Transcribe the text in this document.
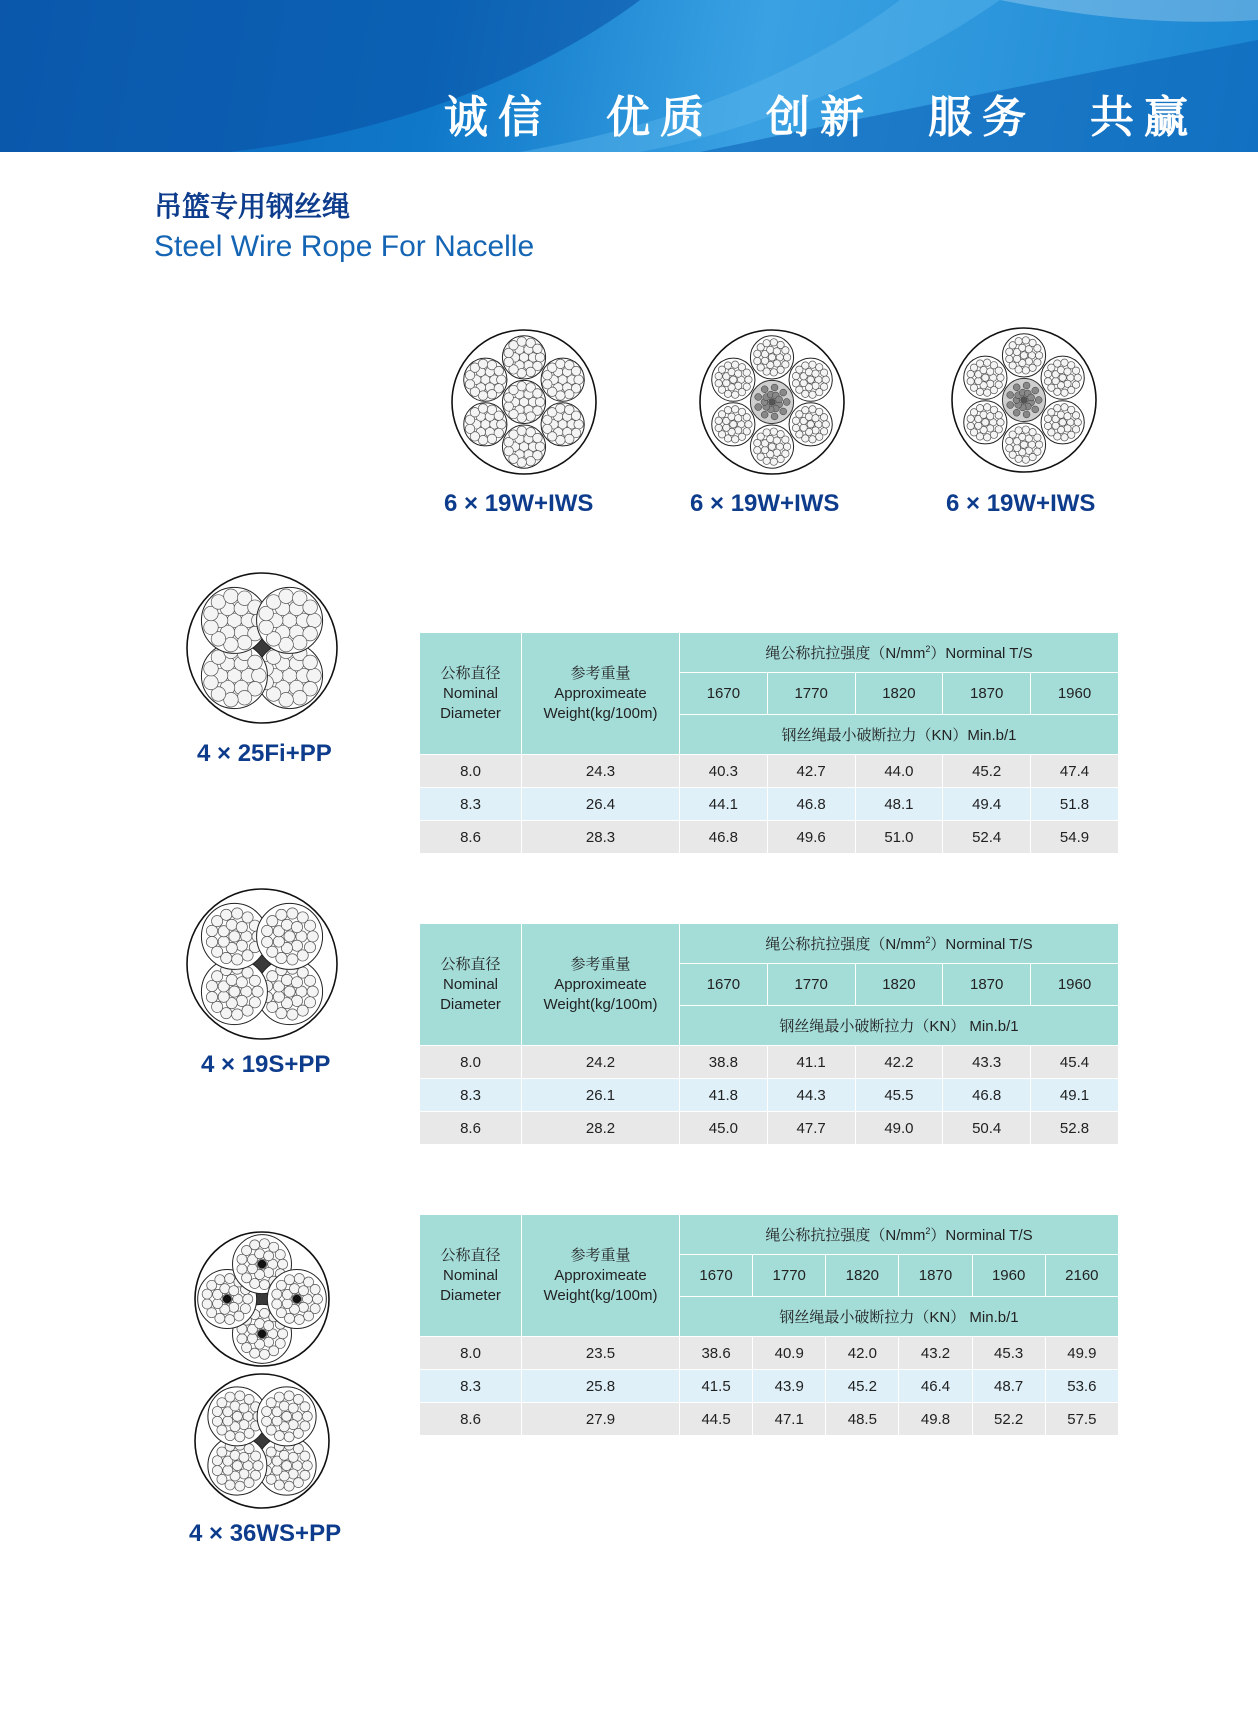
诚信 优质 创新 服务 共赢
吊篮专用钢丝绳
Steel Wire Rope For Nacelle
6 × 19W+IWS	6 × 19W+IWS	6 × 19W+IWS
4 × 25Fi+PP
公称直径
Nominal
Diameter	参考重量
Approximeate
Weight(kg/100m)	绳公称抗拉强度$(N/mm^2)Norminal$ T/S				
		1670	1770	1820	1870	1960
		钢丝绳最小破断拉力（KN）Min.b/1				
8.0	24.3	40.3	42.7	44.0	45.2	47.4
8.3	26.4	44.1	46.8	48.1	49.4	51.8
8.6	28.3	46.8	49.6	51.0	52.4	54.9
4 × 19S+PP
公称直径
Nominal
Diameter	参考重量
Approximeate
Weight(kg/100m)	绳公称抗拉强度$(N/mm^2)Norminal$ T/S				
		1670	1770	1820	1870	1960
		钢丝绳最小破断拉力（KN） Min.b/1				
8.0	24.2	38.8	41.1	42.2	43.3	45.4
8.3	26.1	41.8	44.3	45.5	46.8	49.1
8.6	28.2	45.0	47.7	49.0	50.4	52.8
4 × 36WS+PP
公称直径
Nominal
Diameter	参考重量
Approximeate
Weight(kg/100m)	绳公称抗拉强度$(N/mm^2)Norminal$ T/S					
		1670	1770	1820	1870	1960	2160
		钢丝绳最小破断拉力（KN） Min.b/1					
8.0	23.5	38.6	40.9	42.0	43.2	45.3	49.9
8.3	25.8	41.5	43.9	45.2	46.4	48.7	53.6
8.6	27.9	44.5	47.1	48.5	49.8	52.2	57.5
